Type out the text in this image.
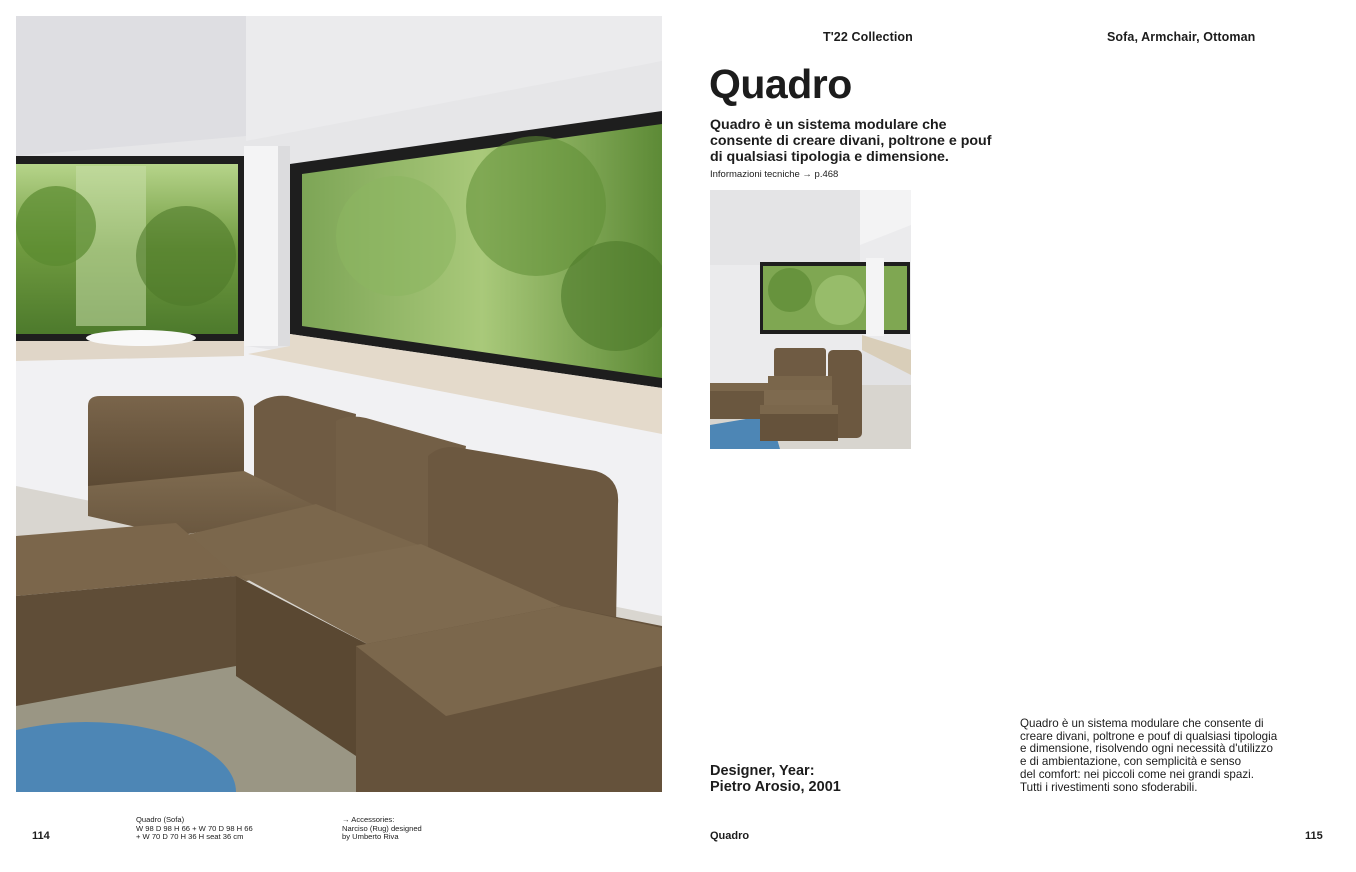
T'22 Collection	Sofa, Armchair, Ottoman
Quadro
Quadro è un sistema modulare che
consente di creare divani, poltrone e pouf
di qualsiasi tipologia e dimensione.
Informazioni tecniche → p.468
Designer, Year:
Pietro Arosio, 2001
Quadro è un sistema modulare che consente di
creare divani, poltrone e pouf di qualsiasi tipologia
e dimensione, risolvendo ogni necessità d'utilizzo
e di ambientazione, con semplicità e senso
del comfort: nei piccoli come nei grandi spazi.
Tutti i rivestimenti sono sfoderabili.
Quadro (Sofa)
W 98 D 98 H 66 + W 70 D 98 H 66
+ W 70 D 70 H 36 H seat 36 cm
→ Accessories:
Narciso (Rug) designed
by Umberto Riva
114	Quadro	115
